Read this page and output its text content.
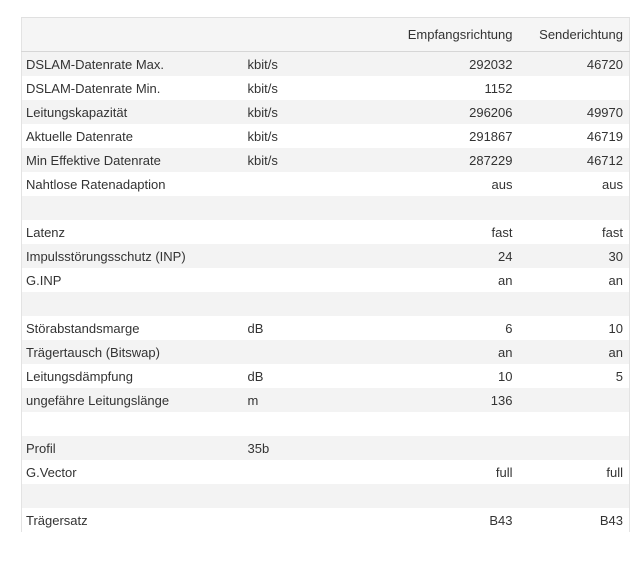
		Empfangsrichtung	Senderichtung
DSLAM-Datenrate Max.	kbit/s	292032	46720
DSLAM-Datenrate Min.	kbit/s	1152	
Leitungskapazität	kbit/s	296206	49970
Aktuelle Datenrate	kbit/s	291867	46719
Min Effektive Datenrate	kbit/s	287229	46712
Nahtlose Ratenadaption		aus	aus

Latenz		fast	fast
Impulsstörungsschutz (INP)		24	30
G.INP		an	an

Störabstandsmarge	dB	6	10
Trägertausch (Bitswap)		an	an
Leitungsdämpfung	dB	10	5
ungefähre Leitungslänge	m	136	

Profil	35b		
G.Vector		full	full

Trägersatz		B43	B43
